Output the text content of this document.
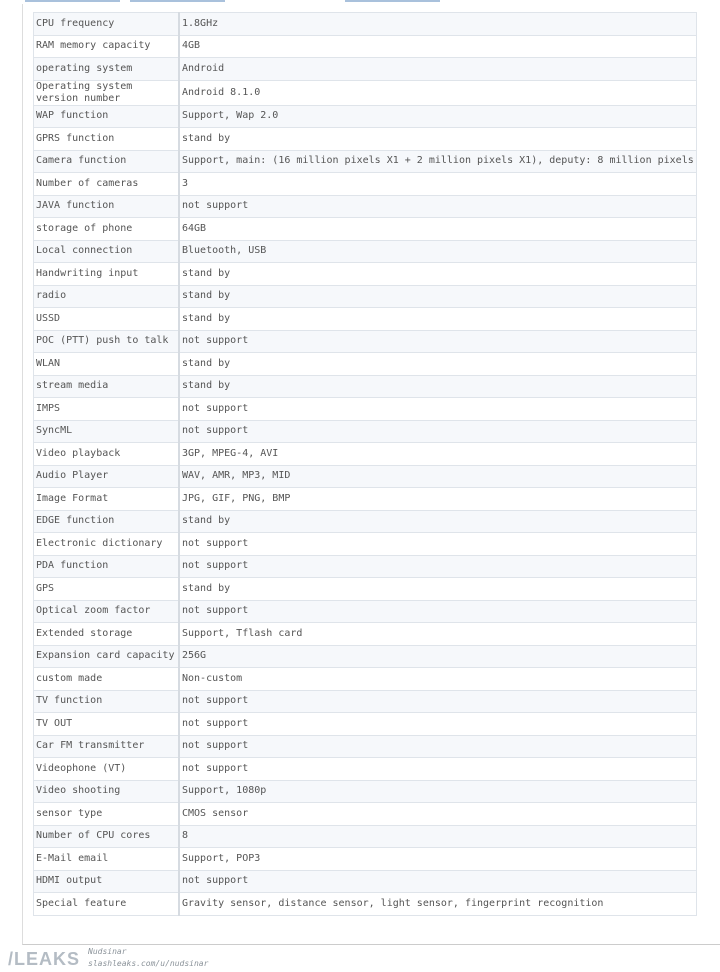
CPU frequency	1.8GHz
RAM memory capacity	4GB
operating system	Android
Operating system version number	Android 8.1.0
WAP function	Support, Wap 2.0
GPRS function	stand by
Camera function	Support, main: (16 million pixels X1 + 2 million pixels X1), deputy: 8 million pixels
Number of cameras	3
JAVA function	not support
storage of phone	64GB
Local connection	Bluetooth, USB
Handwriting input	stand by
radio	stand by
USSD	stand by
POC (PTT) push to talk	not support
WLAN	stand by
stream media	stand by
IMPS	not support
SyncML	not support
Video playback	3GP, MPEG-4, AVI
Audio Player	WAV, AMR, MP3, MID
Image Format	JPG, GIF, PNG, BMP
EDGE function	stand by
Electronic dictionary	not support
PDA function	not support
GPS	stand by
Optical zoom factor	not support
Extended storage	Support, Tflash card
Expansion card capacity	256G
custom made	Non-custom
TV function	not support
TV OUT	not support
Car FM transmitter	not support
Videophone (VT)	not support
Video shooting	Support, 1080p
sensor type	CMOS sensor
Number of CPU cores	8
E-Mail email	Support, POP3
HDMI output	not support
Special feature	Gravity sensor, distance sensor, light sensor, fingerprint recognition
/LEAKS Nudsinar
slashleaks.com/u/nudsinar
